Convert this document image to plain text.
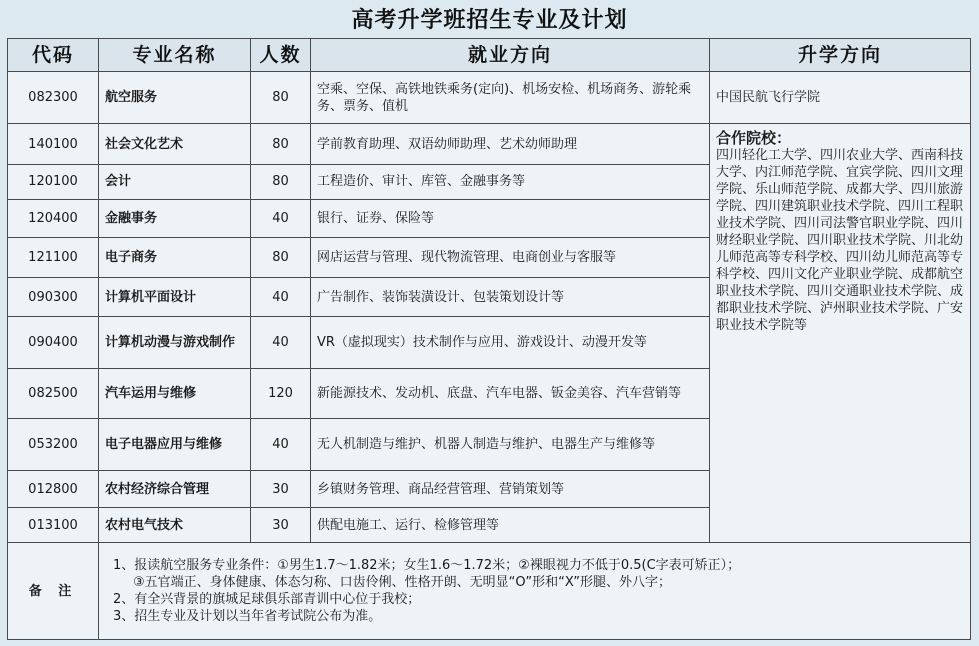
高考升学班招生专业及计划
代码	专业名称	人数	就业方向	升学方向
082300	航空服务	80	空乘、空保、高铁地铁乘务(定向)、机场安检、机场商务、游轮乘务、票务、值机	中国民航飞行学院

140100	社会文化艺术	80	学前教育助理、双语幼师助理、艺术幼师助理	合作院校：
四川轻化工大学、四川农业大学、西南科技大学、内江师范学院、宜宾学院、四川文理学院、乐山师范学院、成都大学、四川旅游学院、四川建筑职业技术学院、四川工程职业技术学院、四川司法警官职业学院、四川财经职业学院、四川职业技术学院、川北幼儿师范高等专科学校、四川幼儿师范高等专科学校、四川文化产业职业学院、成都航空职业技术学院、四川交通职业技术学院、成都职业技术学院、泸州职业技术学院、广安职业技术学院等

120100	会计	80	工程造价、审计、库管、金融事务等	
120400	金融事务	40	银行、证券、保险等	
121100	电子商务	80	网店运营与管理、现代物流管理、电商创业与客服等	
090300	计算机平面设计	40	广告制作、装饰装潢设计、包装策划设计等	
090400	计算机动漫与游戏制作	40	VR（虚拟现实）技术制作与应用、游戏设计、动漫开发等	
082500	汽车运用与维修	120	新能源技术、发动机、底盘、汽车电器、钣金美容、汽车营销等	
053200	电子电器应用与维修	40	无人机制造与维护、机器人制造与维护、电器生产与维修等	
012800	农村经济综合管理	30	乡镇财务管理、商品经营管理、营销策划等	
013100	农村电气技术	30	供配电施工、运行、检修管理等	
备 注	1、报读航空服务专业条件：①男生1.7～1.82米；女生1.6～1.72米；②裸眼视力不低于0.5(C字表可矫正）；
③五官端正、身体健康、体态匀称、口齿伶俐、性格开朗、无明显“O”形和“X”形腿、外八字；
2、有全兴背景的旗城足球俱乐部青训中心位于我校；
3、招生专业及计划以当年省考试院公布为准。			
